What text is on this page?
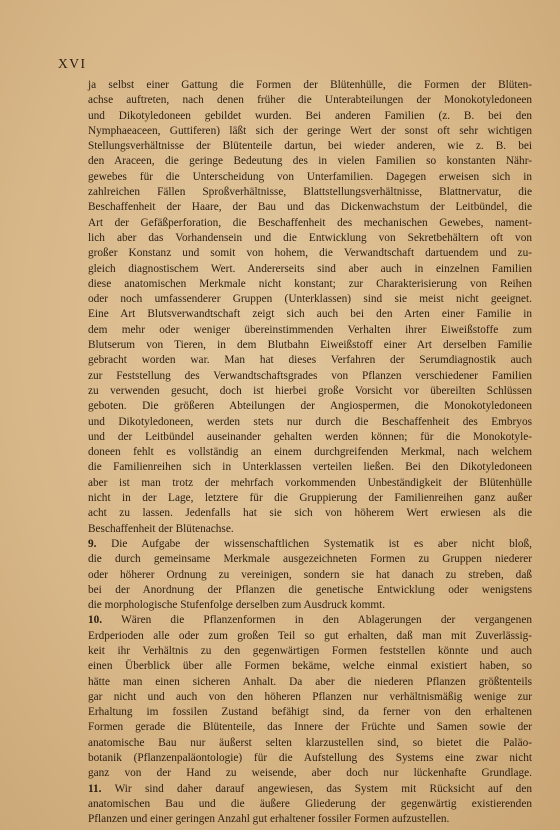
XVI
ja selbst einer Gattung die Formen der Blütenhülle, die Formen der Blüten-
achse auftreten, nach denen früher die Unterabteilungen der Monokotyledoneen
und Dikotyledoneen gebildet wurden. Bei anderen Familien (z. B. bei den
Nymphaeaceen, Guttiferen) läßt sich der geringe Wert der sonst oft sehr wichtigen
Stellungsverhältnisse der Blütenteile dartun, bei wieder anderen, wie z. B. bei
den Araceen, die geringe Bedeutung des in vielen Familien so konstanten Nähr-
gewebes für die Unterscheidung von Unterfamilien. Dagegen erweisen sich in
zahlreichen Fällen Sproßverhältnisse, Blattstellungsverhältnisse, Blattnervatur, die
Beschaffenheit der Haare, der Bau und das Dickenwachstum der Leitbündel, die
Art der Gefäßperforation, die Beschaffenheit des mechanischen Gewebes, nament-
lich aber das Vorhandensein und die Entwicklung von Sekretbehältern oft von
großer Konstanz und somit von hohem, die Verwandtschaft dartuendem und zu-
gleich diagnostischem Wert. Andererseits sind aber auch in einzelnen Familien
diese anatomischen Merkmale nicht konstant; zur Charakterisierung von Reihen
oder noch umfassenderer Gruppen (Unterklassen) sind sie meist nicht geeignet.
Eine Art Blutsverwandtschaft zeigt sich auch bei den Arten einer Familie in
dem mehr oder weniger übereinstimmenden Verhalten ihrer Eiweißstoffe zum
Blutserum von Tieren, in dem Blutbahn Eiweißstoff einer Art derselben Familie
gebracht worden war. Man hat dieses Verfahren der Serumdiagnostik auch
zur Feststellung des Verwandtschaftsgrades von Pflanzen verschiedener Familien
zu verwenden gesucht, doch ist hierbei große Vorsicht vor übereilten Schlüssen
geboten. Die größeren Abteilungen der Angiospermen, die Monokotyledoneen
und Dikotyledoneen, werden stets nur durch die Beschaffenheit des Embryos
und der Leitbündel auseinander gehalten werden können; für die Monokotyle-
doneen fehlt es vollständig an einem durchgreifenden Merkmal, nach welchem
die Familienreihen sich in Unterklassen verteilen ließen. Bei den Dikotyledoneen
aber ist man trotz der mehrfach vorkommenden Unbeständigkeit der Blütenhülle
nicht in der Lage, letztere für die Gruppierung der Familienreihen ganz außer
acht zu lassen. Jedenfalls hat sie sich von höherem Wert erwiesen als die
Beschaffenheit der Blütenachse.
9. Die Aufgabe der wissenschaftlichen Systematik ist es aber nicht bloß,
die durch gemeinsame Merkmale ausgezeichneten Formen zu Gruppen niederer
oder höherer Ordnung zu vereinigen, sondern sie hat danach zu streben, daß
bei der Anordnung der Pflanzen die genetische Entwicklung oder wenigstens
die morphologische Stufenfolge derselben zum Ausdruck kommt.
10. Wären die Pflanzenformen in den Ablagerungen der vergangenen
Erdperioden alle oder zum großen Teil so gut erhalten, daß man mit Zuverlässig-
keit ihr Verhältnis zu den gegenwärtigen Formen feststellen könnte und auch
einen Überblick über alle Formen bekäme, welche einmal existiert haben, so
hätte man einen sicheren Anhalt. Da aber die niederen Pflanzen größtenteils
gar nicht und auch von den höheren Pflanzen nur verhältnismäßig wenige zur
Erhaltung im fossilen Zustand befähigt sind, da ferner von den erhaltenen
Formen gerade die Blütenteile, das Innere der Früchte und Samen sowie der
anatomische Bau nur äußerst selten klarzustellen sind, so bietet die Paläo-
botanik (Pflanzenpaläontologie) für die Aufstellung des Systems eine zwar nicht
ganz von der Hand zu weisende, aber doch nur lückenhafte Grundlage.
11. Wir sind daher darauf angewiesen, das System mit Rücksicht auf den
anatomischen Bau und die äußere Gliederung der gegenwärtig existierenden
Pflanzen und einer geringen Anzahl gut erhaltener fossiler Formen aufzustellen.
